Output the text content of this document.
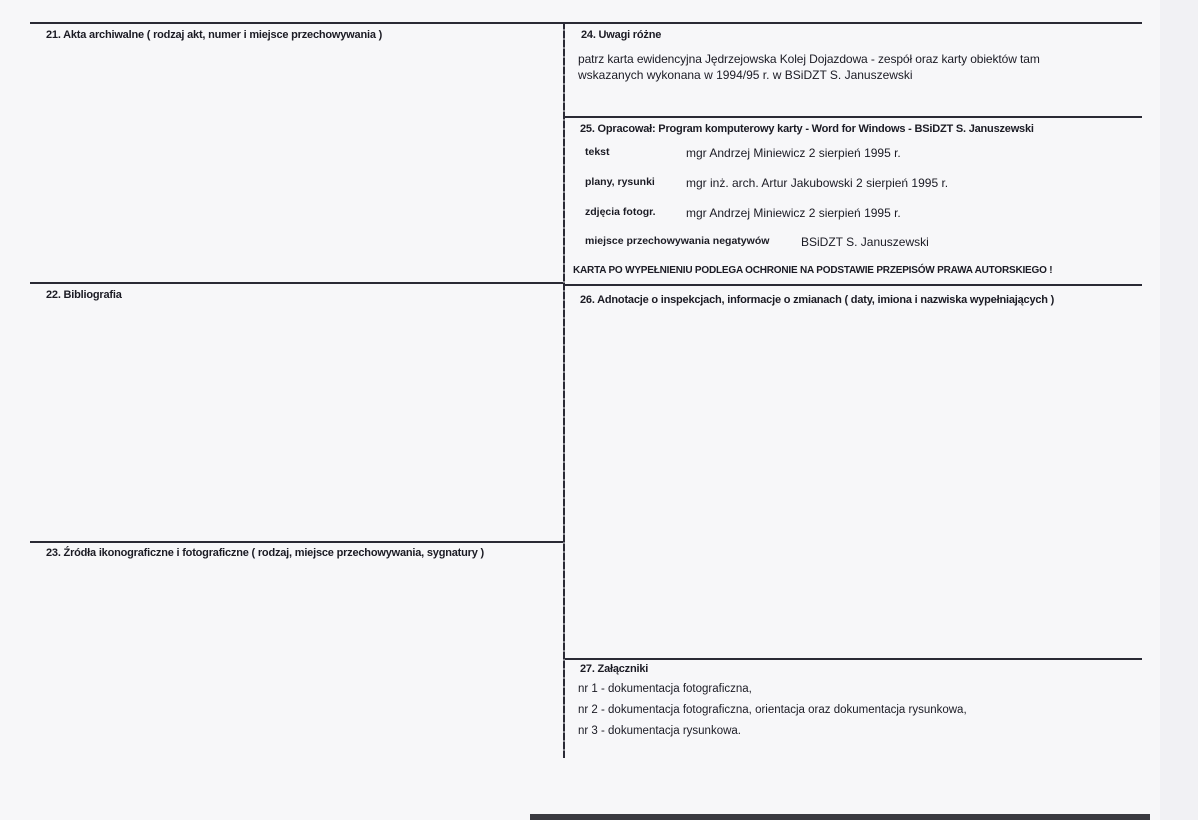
21. Akta archiwalne ( rodzaj akt, numer i miejsce przechowywania )
22. Bibliografia
23. Źródła ikonograficzne i fotograficzne ( rodzaj, miejsce przechowywania, sygnatury )
24. Uwagi różne
patrz karta ewidencyjna Jędrzejowska Kolej Dojazdowa - zespół oraz karty obiektów tam
wskazanych wykonana w 1994/95 r. w BSiDZT S. Januszewski
25. Opracował: Program komputerowy karty - Word for Windows - BSiDZT S. Januszewski
tekst	mgr Andrzej Miniewicz 2 sierpień 1995 r.
plany, rysunki	mgr inż. arch. Artur Jakubowski 2 sierpień 1995 r.
zdjęcia fotogr.	mgr Andrzej Miniewicz 2 sierpień 1995 r.
miejsce przechowywania negatywów	BSiDZT S. Januszewski
KARTA PO WYPEŁNIENIU PODLEGA OCHRONIE NA PODSTAWIE PRZEPISÓW PRAWA AUTORSKIEGO !
26. Adnotacje o inspekcjach, informacje o zmianach ( daty, imiona i nazwiska wypełniających )
27. Załączniki
nr 1 - dokumentacja fotograficzna,
nr 2 - dokumentacja fotograficzna, orientacja oraz dokumentacja rysunkowa,
nr 3 - dokumentacja rysunkowa.
